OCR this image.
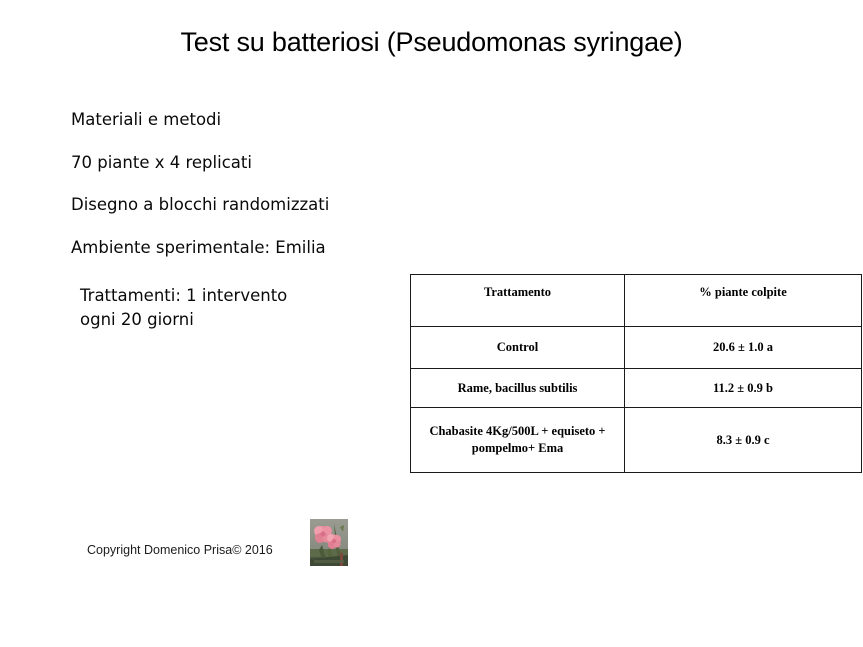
Test su batteriosi (Pseudomonas syringae)
Materiali e metodi
70 piante x 4 replicati
Disegno a blocchi randomizzati
Ambiente sperimentale: Emilia
Trattamenti: 1 intervento
ogni 20 giorni
Trattamento	% piante colpite
Control	20.6 ± 1.0 a
Rame, bacillus subtilis	11.2 ± 0.9 b
Chabasite 4Kg/500L + equiseto + pompelmo+ Ema	8.3 ± 0.9 c
Copyright Domenico Prisa© 2016
